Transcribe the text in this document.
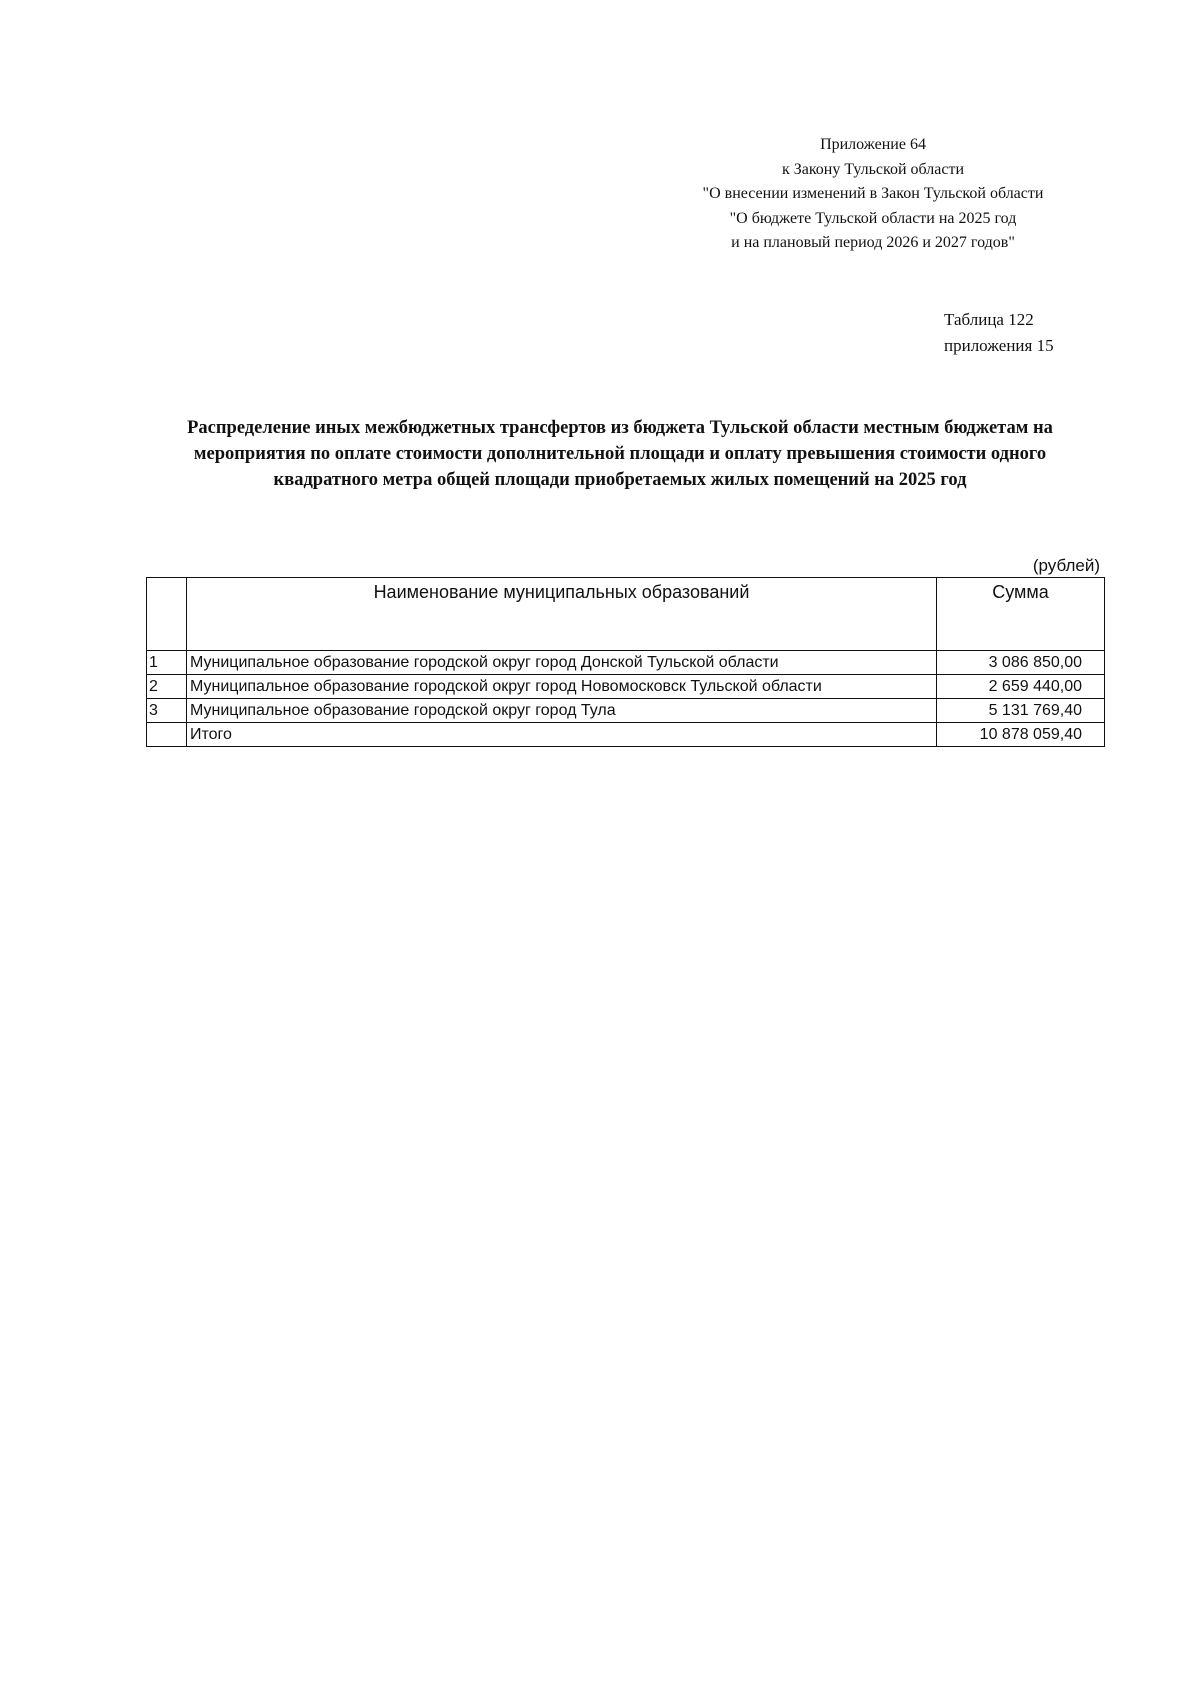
Приложение 64
к Закону Тульской области
"О внесении изменений в Закон Тульской области
"О бюджете Тульской области на 2025 год
и на плановый период 2026 и 2027 годов"
Таблица 122
приложения 15
Распределение иных межбюджетных трансфертов из бюджета Тульской области местным бюджетам на
мероприятия по оплате стоимости дополнительной площади и оплату превышения стоимости одного
квадратного метра общей площади приобретаемых жилых помещений на 2025 год
(рублей)
	Наименование муниципальных образований	Сумма
1	Муниципальное образование городской округ город Донской Тульской области	3 086 850,00
2	Муниципальное образование городской округ город Новомосковск Тульской области	2 659 440,00
3	Муниципальное образование городской округ город Тула	5 131 769,40
	Итого	10 878 059,40
